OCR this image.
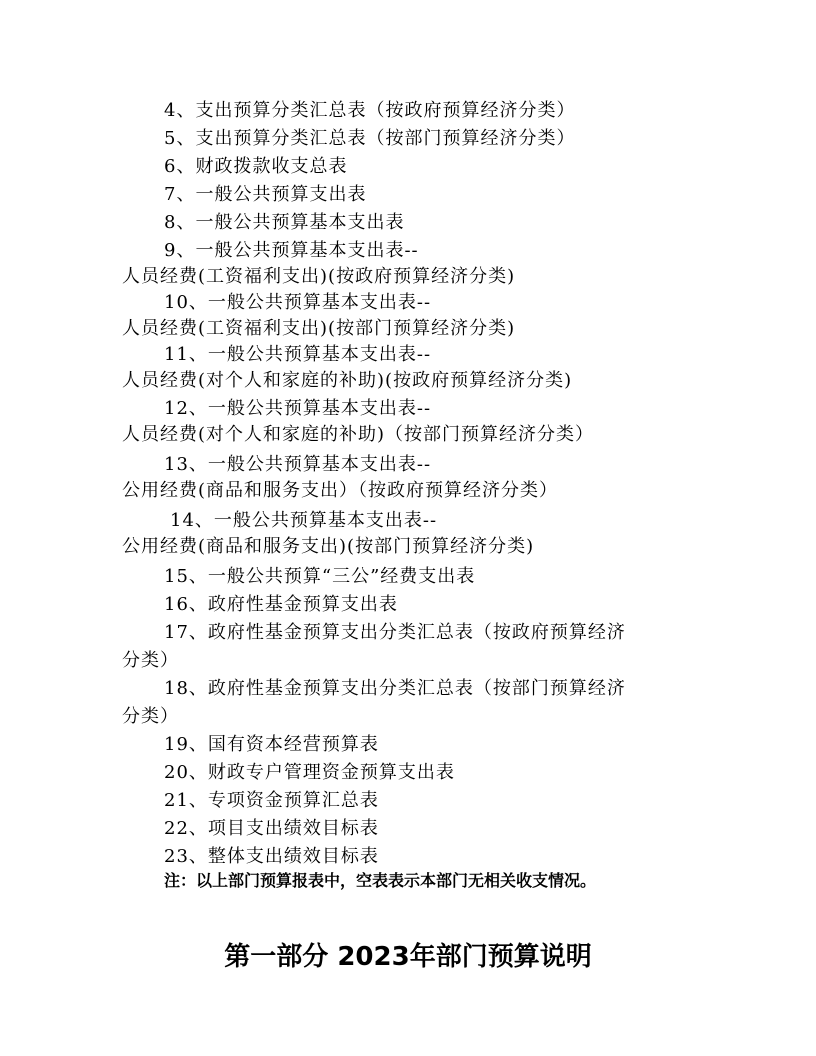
4、支出预算分类汇总表（按政府预算经济分类）
5、支出预算分类汇总表（按部门预算经济分类）
6、财政拨款收支总表
7、一般公共预算支出表
8、一般公共预算基本支出表
9、一般公共预算基本支出表--
人员经费(工资福利支出)(按政府预算经济分类)
10、一般公共预算基本支出表--
人员经费(工资福利支出)(按部门预算经济分类)
11、一般公共预算基本支出表--
人员经费(对个人和家庭的补助)(按政府预算经济分类)
12、一般公共预算基本支出表--
人员经费(对个人和家庭的补助)（按部门预算经济分类）
13、一般公共预算基本支出表--
公用经费(商品和服务支出）（按政府预算经济分类）
14、一般公共预算基本支出表--
公用经费(商品和服务支出)(按部门预算经济分类)
15、一般公共预算“三公”经费支出表
16、政府性基金预算支出表
17、政府性基金预算支出分类汇总表（按政府预算经济
分类）
18、政府性基金预算支出分类汇总表（按部门预算经济
分类）
19、国有资本经营预算表
20、财政专户管理资金预算支出表
21、专项资金预算汇总表
22、项目支出绩效目标表
23、整体支出绩效目标表
注：以上部门预算报表中，空表表示本部门无相关收支情况。
第一部分 2023年部门预算说明
